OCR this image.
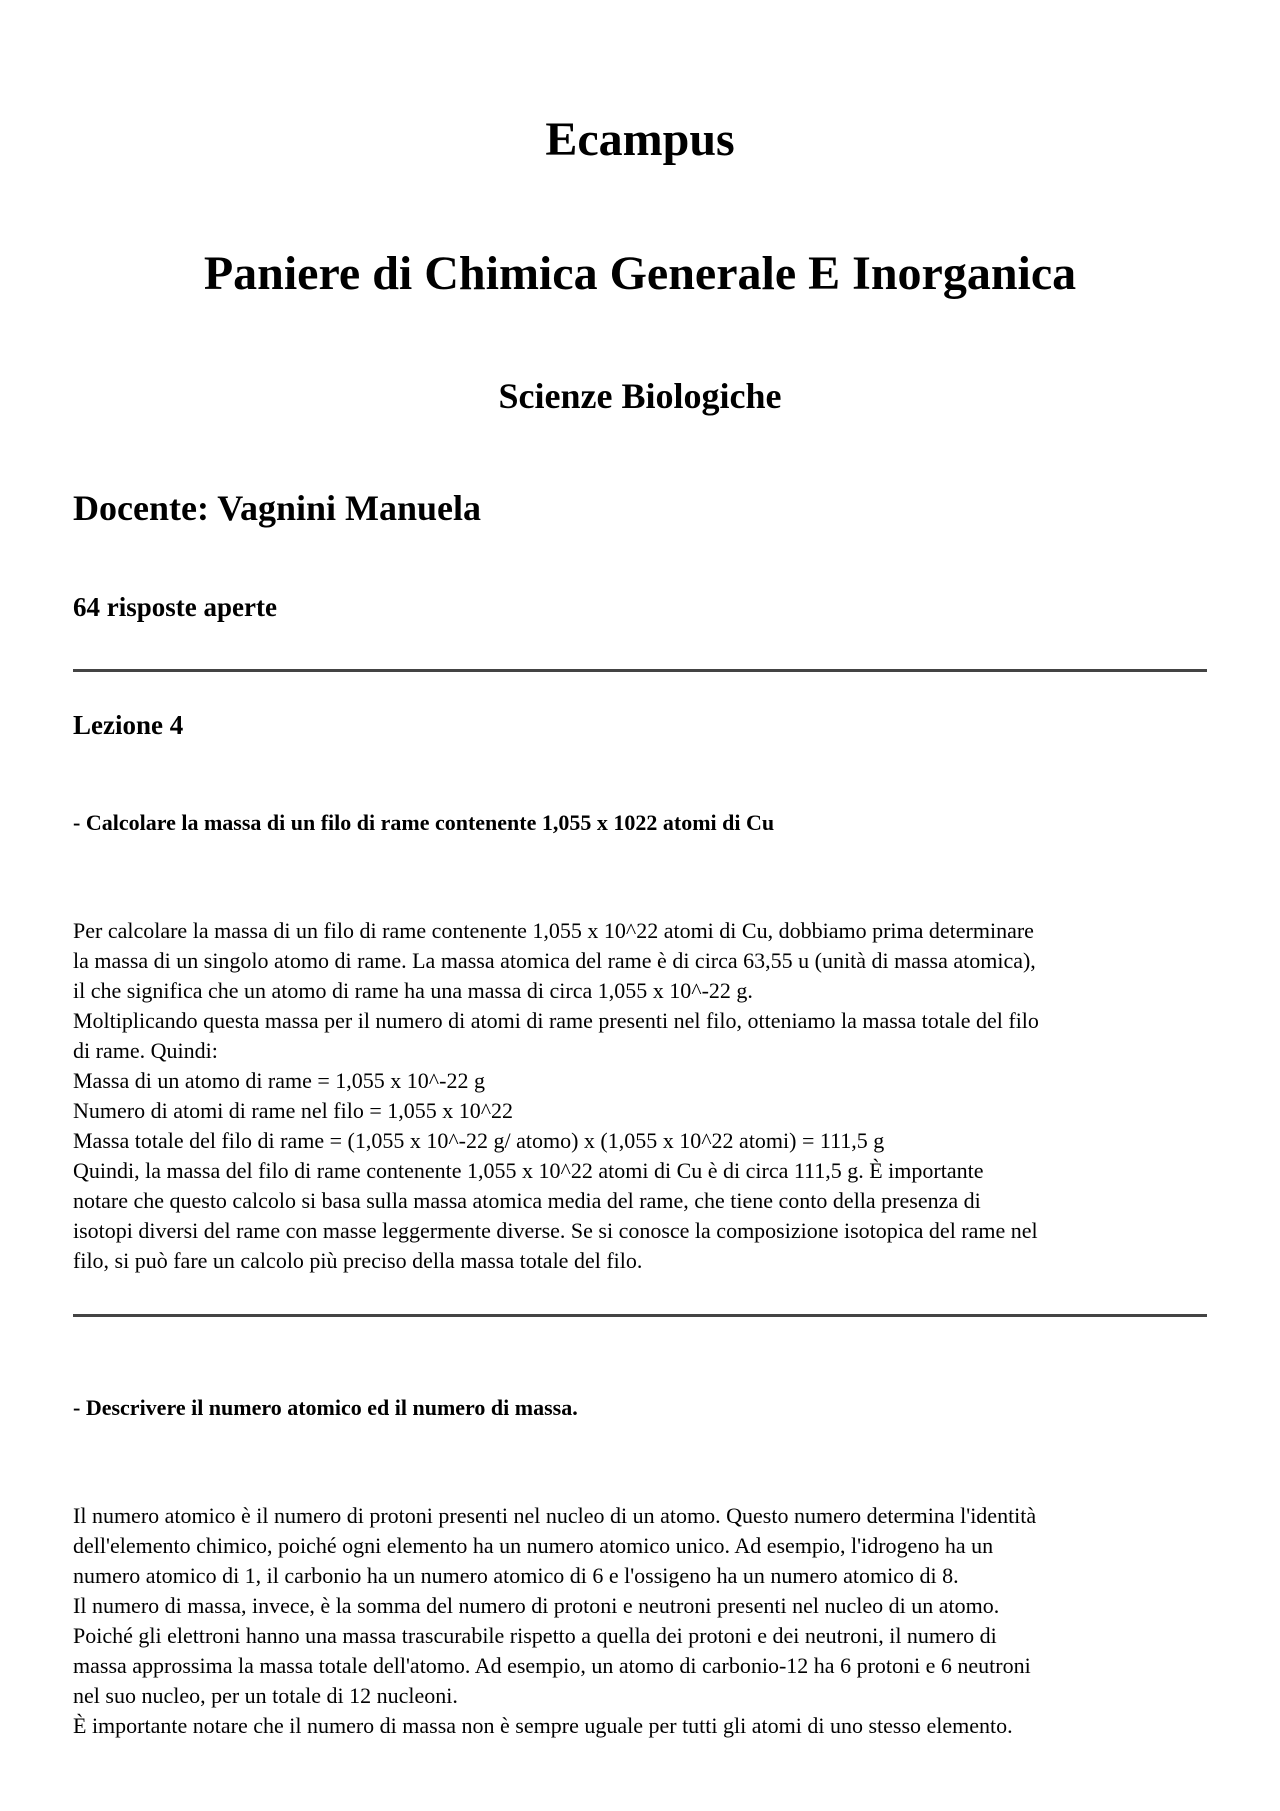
Ecampus
Paniere di Chimica Generale E Inorganica
Scienze Biologiche
Docente: Vagnini Manuela

64 risposte aperte

Lezione 4

- Calcolare la massa di un filo di rame contenente 1,055 x 1022 atomi di Cu

Per calcolare la massa di un filo di rame contenente 1,055 x 10^22 atomi di Cu, dobbiamo prima determinare
la massa di un singolo atomo di rame. La massa atomica del rame è di circa 63,55 u (unità di massa atomica),
il che significa che un atomo di rame ha una massa di circa 1,055 x 10^-22 g.
Moltiplicando questa massa per il numero di atomi di rame presenti nel filo, otteniamo la massa totale del filo
di rame. Quindi:
Massa di un atomo di rame = 1,055 x 10^-22 g
Numero di atomi di rame nel filo = 1,055 x 10^22
Massa totale del filo di rame = (1,055 x 10^-22 g/ atomo) x (1,055 x 10^22 atomi) = 111,5 g
Quindi, la massa del filo di rame contenente 1,055 x 10^22 atomi di Cu è di circa 111,5 g. È importante
notare che questo calcolo si basa sulla massa atomica media del rame, che tiene conto della presenza di
isotopi diversi del rame con masse leggermente diverse. Se si conosce la composizione isotopica del rame nel
filo, si può fare un calcolo più preciso della massa totale del filo.

- Descrivere il numero atomico ed il numero di massa.

Il numero atomico è il numero di protoni presenti nel nucleo di un atomo. Questo numero determina l'identità
dell'elemento chimico, poiché ogni elemento ha un numero atomico unico. Ad esempio, l'idrogeno ha un
numero atomico di 1, il carbonio ha un numero atomico di 6 e l'ossigeno ha un numero atomico di 8.
Il numero di massa, invece, è la somma del numero di protoni e neutroni presenti nel nucleo di un atomo.
Poiché gli elettroni hanno una massa trascurabile rispetto a quella dei protoni e dei neutroni, il numero di
massa approssima la massa totale dell'atomo. Ad esempio, un atomo di carbonio-12 ha 6 protoni e 6 neutroni
nel suo nucleo, per un totale di 12 nucleoni.
È importante notare che il numero di massa non è sempre uguale per tutti gli atomi di uno stesso elemento.
